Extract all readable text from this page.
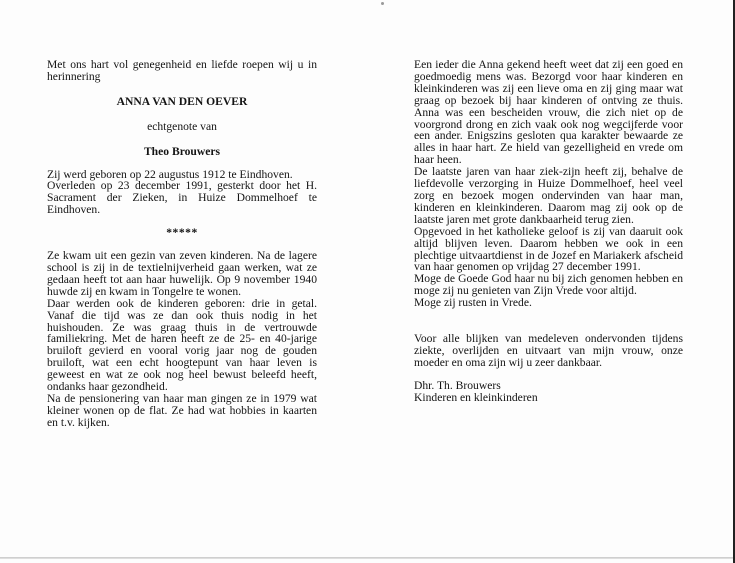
Met ons hart vol genegenheid en liefde roepen wij u in herinnering

ANNA VAN DEN OEVER

echtgenote van

Theo Brouwers

Zij werd geboren op 22 augustus 1912 te Eindhoven.

Overleden op 23 december 1991, gesterkt door het H. Sacrament der Zieken, in Huize Dommelhoef te Eindhoven.

*****

Ze kwam uit een gezin van zeven kinderen. Na de lagere school is zij in de textielnijverheid gaan werken, wat ze gedaan heeft tot aan haar huwelijk. Op 9 november 1940 huwde zij en kwam in Tongelre te wonen.

Daar werden ook de kinderen geboren: drie in getal. Vanaf die tijd was ze dan ook thuis nodig in het huishouden. Ze was graag thuis in de vertrouwde familiekring. Met de haren heeft ze de 25- en 40-jarige bruiloft gevierd en vooral vorig jaar nog de gouden bruiloft, wat een echt hoogtepunt van haar leven is geweest en wat ze ook nog heel bewust beleefd heeft, ondanks haar gezondheid.

Na de pensionering van haar man gingen ze in 1979 wat kleiner wonen op de flat. Ze had wat hobbies in kaarten en t.v. kijken.

Een ieder die Anna gekend heeft weet dat zij een goed en goedmoedig mens was. Bezorgd voor haar kinderen en kleinkinderen was zij een lieve oma en zij ging maar wat graag op bezoek bij haar kinderen of ontving ze thuis. Anna was een bescheiden vrouw, die zich niet op de voorgrond drong en zich vaak ook nog wegcijferde voor een ander. Enigszins gesloten qua karakter bewaarde ze alles in haar hart. Ze hield van gezelligheid en vrede om haar heen.

De laatste jaren van haar ziek-zijn heeft zij, behalve de liefdevolle verzorging in Huize Dommelhoef, heel veel zorg en bezoek mogen ondervinden van haar man, kinderen en kleinkinderen. Daarom mag zij ook op de laatste jaren met grote dankbaarheid terug zien.

Opgevoed in het katholieke geloof is zij van daaruit ook altijd blijven leven. Daarom hebben we ook in een plechtige uitvaartdienst in de Jozef en Mariakerk afscheid van haar genomen op vrijdag 27 december 1991.

Moge de Goede God haar nu bij zich genomen hebben en moge zij nu genieten van Zijn Vrede voor altijd.

Moge zij rusten in Vrede.

Voor alle blijken van medeleven ondervonden tijdens ziekte, overlijden en uitvaart van mijn vrouw, onze moeder en oma zijn wij u zeer dankbaar.

Dhr. Th. Brouwers

Kinderen en kleinkinderen
